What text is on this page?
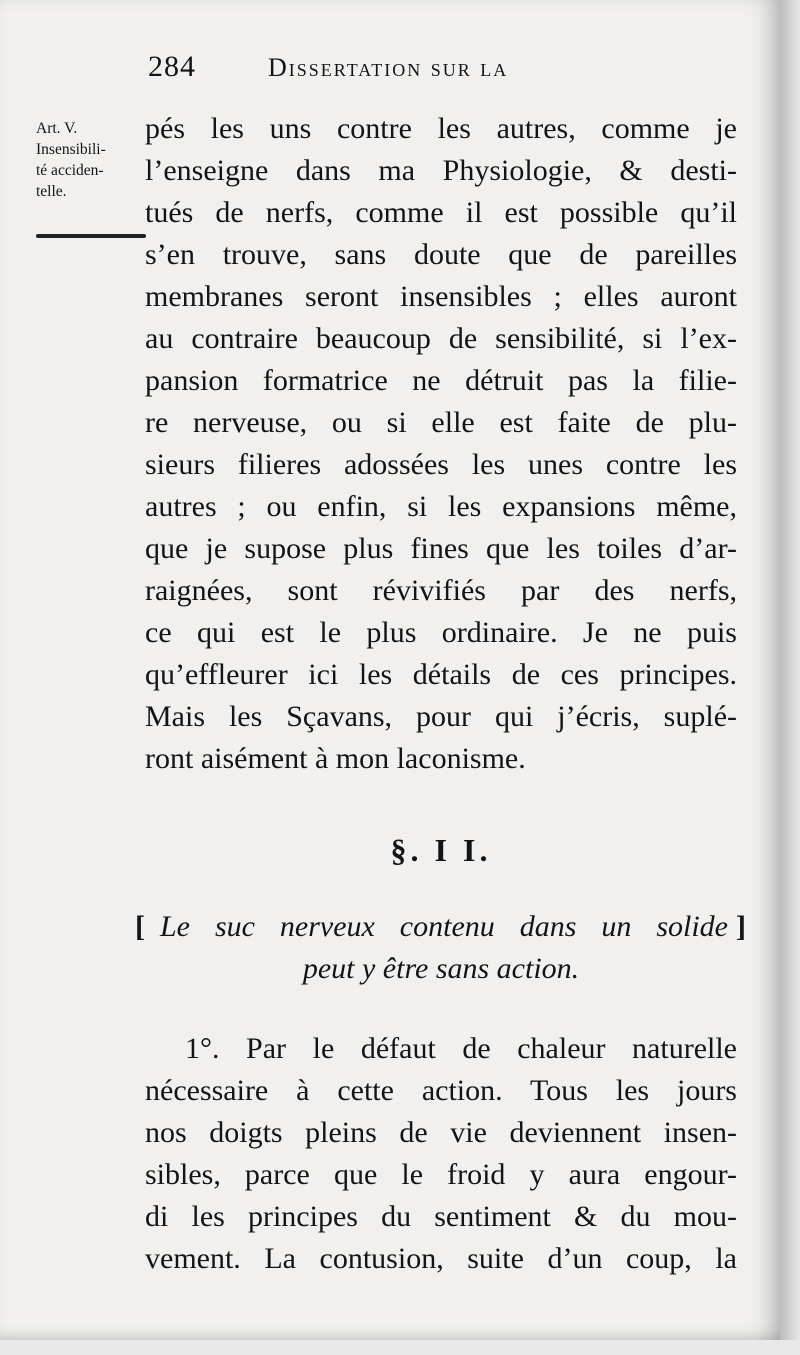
284	Dissertation sur la
Art. V.
Insensibili-
té acciden-
telle.
pés les uns contre les autres, comme je
l’enseigne dans ma Physiologie, & desti-
tués de nerfs, comme il est possible qu’il
s’en trouve, sans doute que de pareilles
membranes seront insensibles ; elles auront
au contraire beaucoup de sensibilité, si l’ex-
pansion formatrice ne détruit pas la filie-
re nerveuse, ou si elle est faite de plu-
sieurs filieres adossées les unes contre les
autres ; ou enfin, si les expansions même,
que je supose plus fines que les toiles d’ar-
raignées, sont révivifiés par des nerfs,
ce qui est le plus ordinaire. Je ne puis
qu’effleurer ici les détails de ces principes.
Mais les Sçavans, pour qui j’écris, suplé-
ront aisément à mon laconisme.
§. I I.
[ Le suc nerveux contenu dans un solide ]
peut y être sans action.
1°. Par le défaut de chaleur naturelle
nécessaire à cette action. Tous les jours
nos doigts pleins de vie deviennent insen-
sibles, parce que le froid y aura engour-
di les principes du sentiment & du mou-
vement. La contusion, suite d’un coup, la
